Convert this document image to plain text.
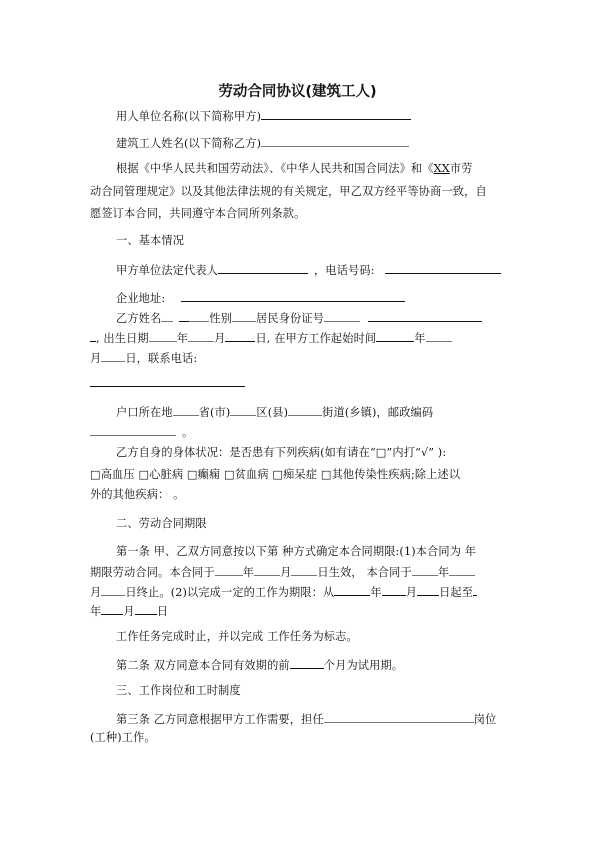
劳动合同协议(建筑工人)
用人单位名称(以下简称甲方)
建筑工人姓名(以下简称乙方)
根据《中华人民共和国劳动法》、《中华人民共和国合同法》和《XX市劳
动合同管理规定》以及其他法律法规的有关规定，甲乙双方经平等协商一致，自
愿签订本合同，共同遵守本合同所列条款。
一、基本情况
甲方单位法定代表人	，电话号码:
企业地址:
乙方姓名	性别 居民身份证号
, 出生日期	年 月	日, 在甲方工作起始时间	年
月 日，联系电话:
户口所在地 省(市) 区(县)	街道(乡镇)，邮政编码
。
乙方自身的身体状况：是否患有下列疾病(如有请在“□”内打“√” ):
□高血压 □心脏病 □癫痫 □贫血病 □痴呆症 □其他传染性疾病;除上述以
外的其他疾病： 。
二、劳动合同期限
第一条 甲、乙双方同意按以下第 种方式确定本合同期限:(1)本合同为 年
期限劳动合同。本合同于	年 月 日生效， 本合同于 年
月 日终止。(2)以完成一定的工作为期限：从	年 月 日起至
年 月 日
工作任务完成时止，并以完成 工作任务为标志。
第二条 双方同意本合同有效期的前	个月为试用期。
三、工作岗位和工时制度
第三条 乙方同意根据甲方工作需要，担任	岗位
(工种)工作。
